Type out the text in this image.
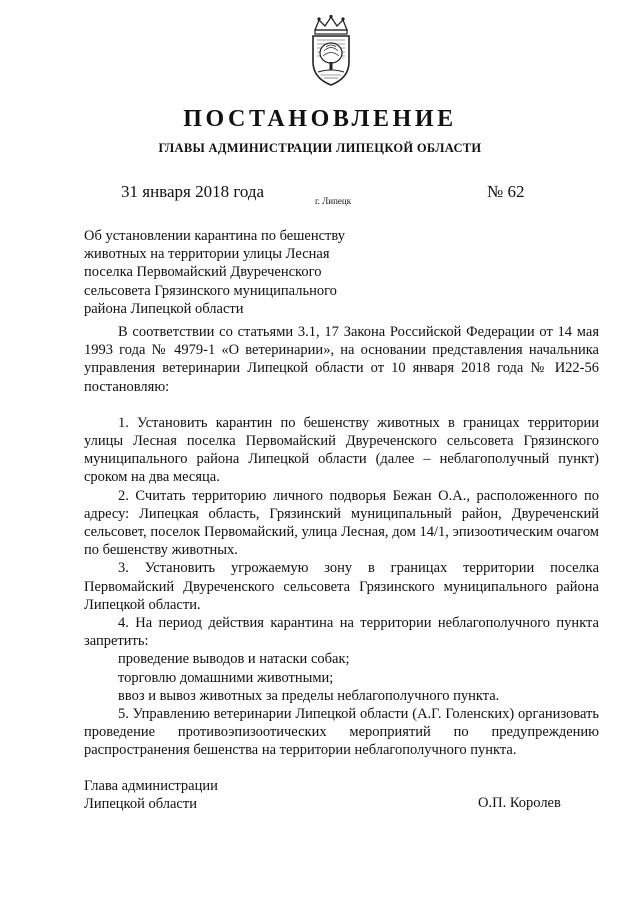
ПОСТАНОВЛЕНИЕ
ГЛАВЫ АДМИНИСТРАЦИИ ЛИПЕЦКОЙ ОБЛАСТИ
31 января 2018 года	г. Липецк	№ 62
Об установлении карантина по бешенству
животных на территории улицы Лесная
поселка Первомайский Двуреченского
сельсовета Грязинского муниципального
района Липецкой области

В соответствии со статьями 3.1, 17 Закона Российской Федерации от 14 мая 1993 года № 4979-1 «О ветеринарии», на основании представления начальника управления ветеринарии Липецкой области от 10 января 2018 года № И22-56 постановляю:

1. Установить карантин по бешенству животных в границах территории улицы Лесная поселка Первомайский Двуреченского сельсовета Грязинского муниципального района Липецкой области (далее – неблагополучный пункт) сроком на два месяца.

2. Считать территорию личного подворья Бежан О.А., расположенного по адресу: Липецкая область, Грязинский муниципальный район, Двуреченский сельсовет, поселок Первомайский, улица Лесная, дом 14/1, эпизоотическим очагом по бешенству животных.

3. Установить угрожаемую зону в границах территории поселка Первомайский Двуреченского сельсовета Грязинского муниципального района Липецкой области.

4. На период действия карантина на территории неблагополучного пункта запретить:

проведение выводов и натаски собак;

торговлю домашними животными;

ввоз и вывоз животных за пределы неблагополучного пункта.

5. Управлению ветеринарии Липецкой области (А.Г. Голенских) организовать проведение противоэпизоотических мероприятий по предупреждению распространения бешенства на территории неблагополучного пункта.

Глава администрации
Липецкой области	О.П. Королев
